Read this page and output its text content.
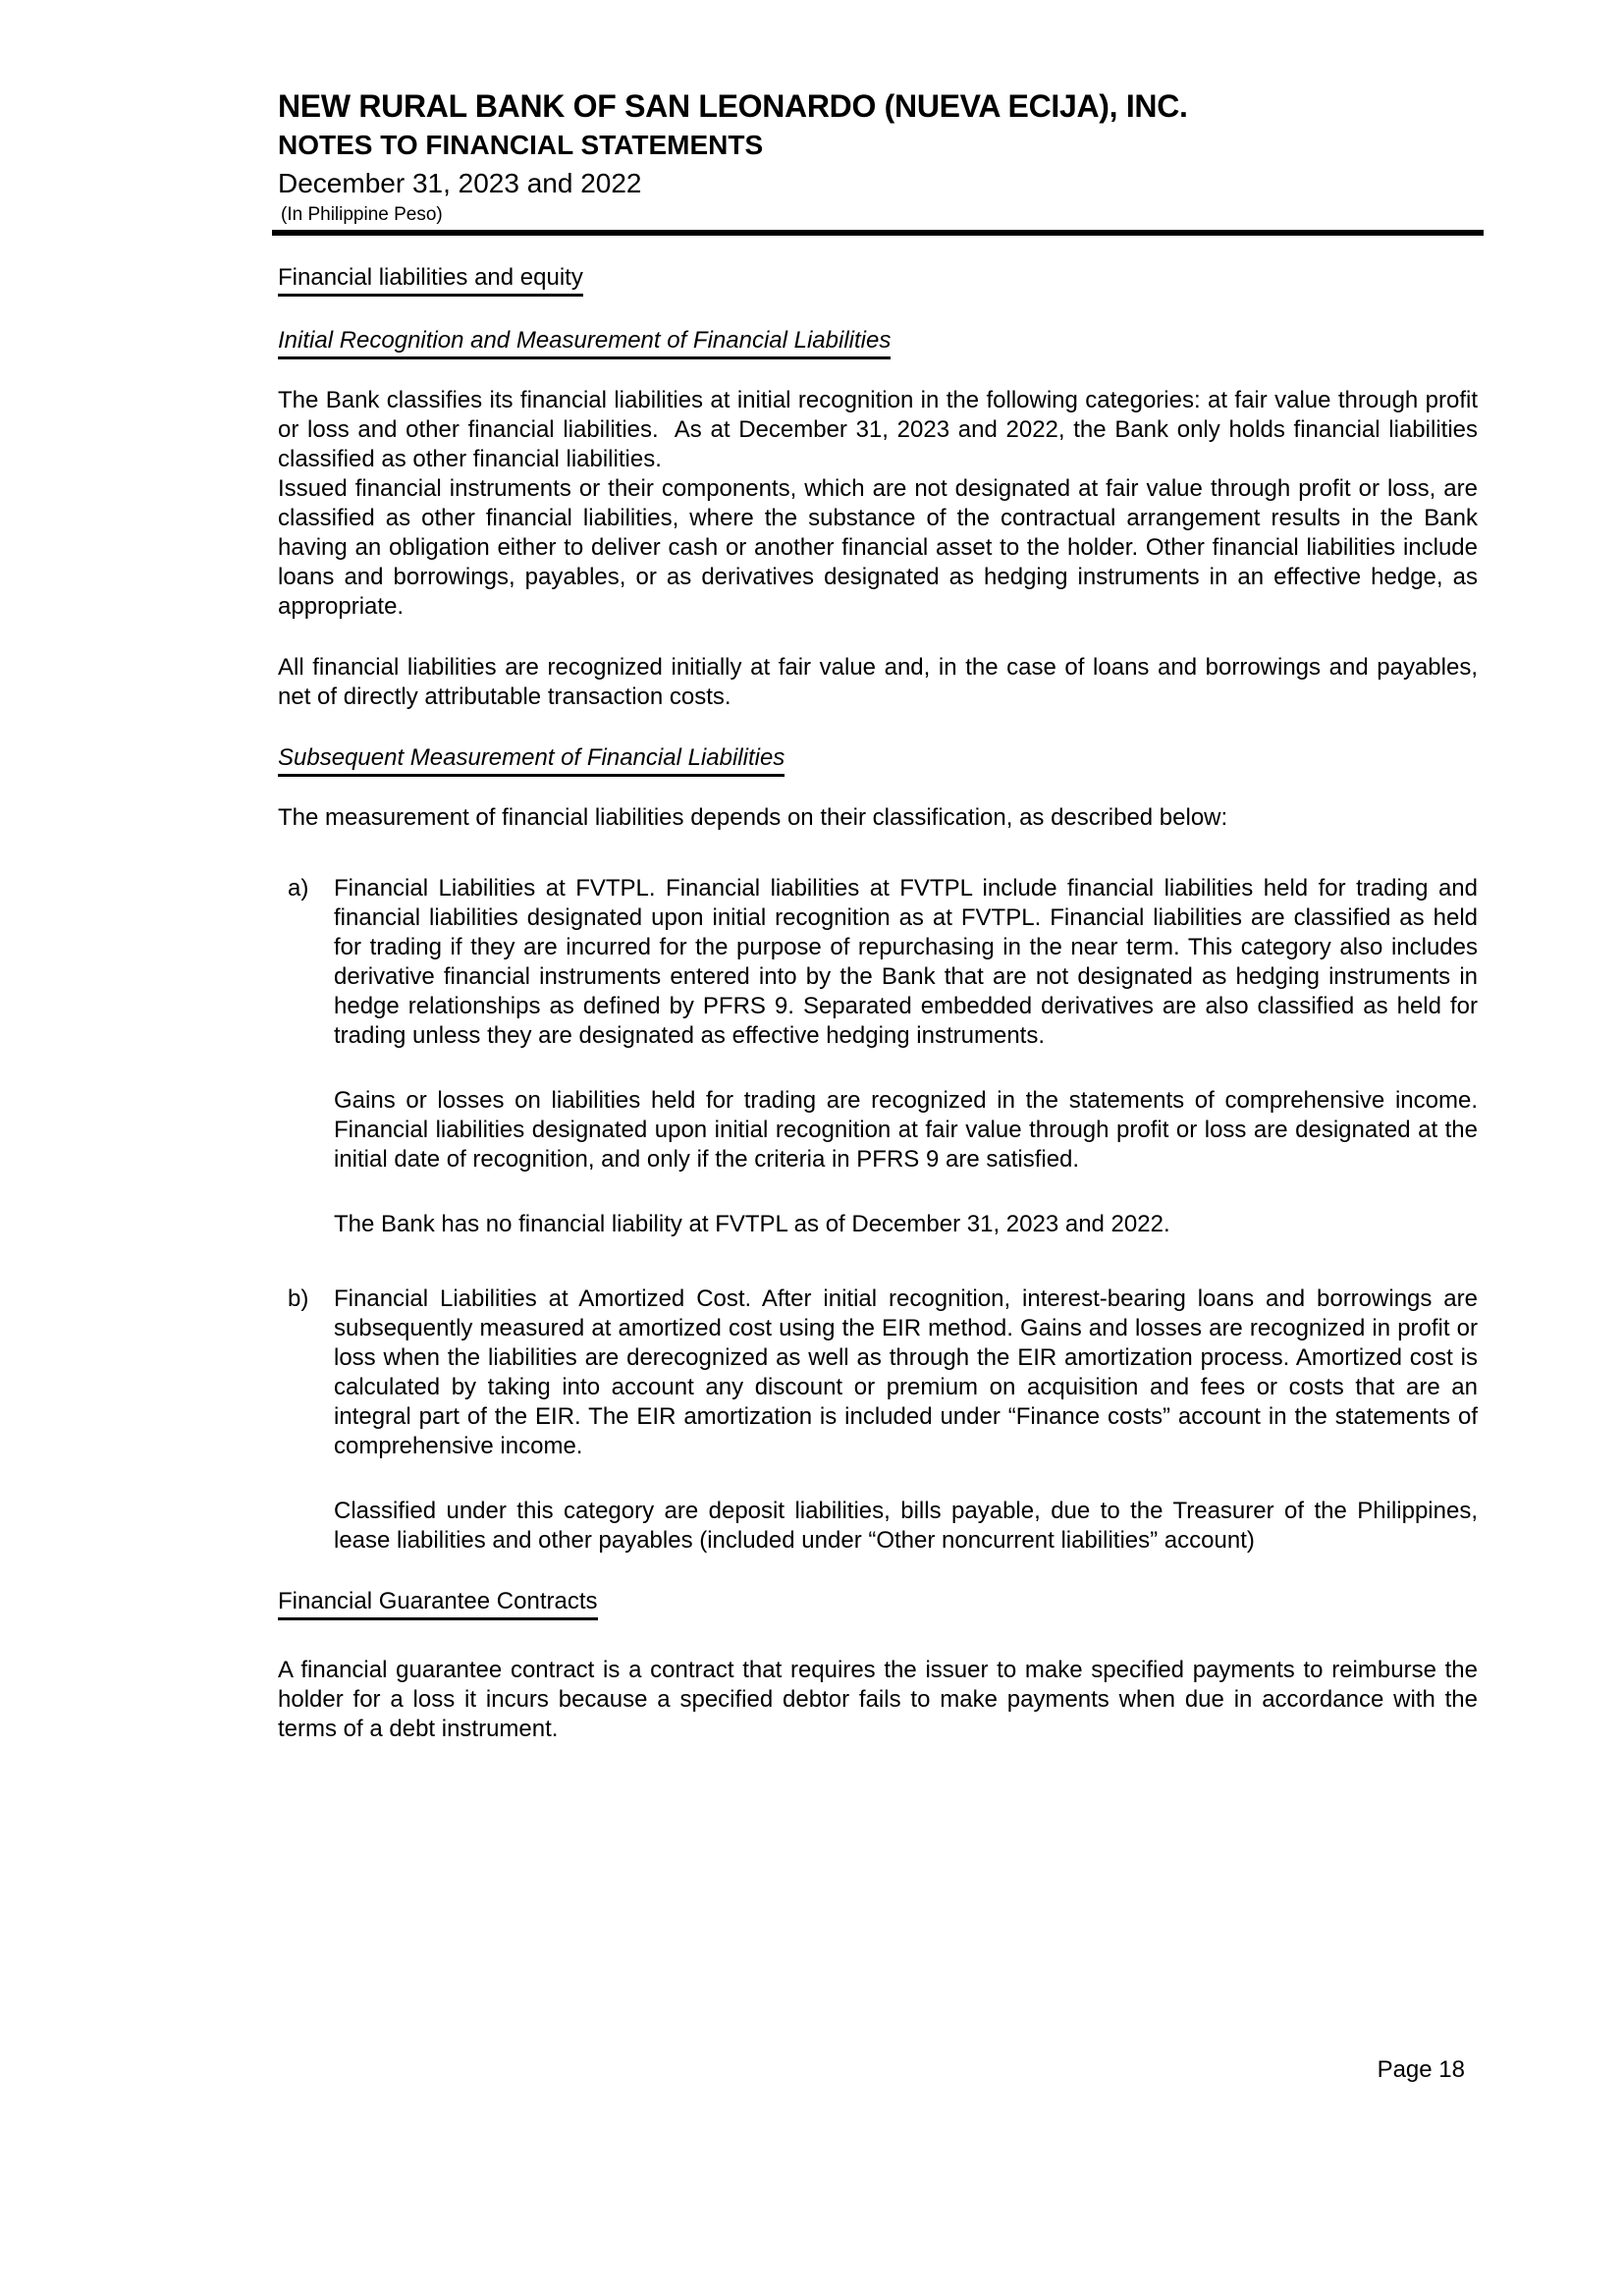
NEW RURAL BANK OF SAN LEONARDO (NUEVA ECIJA), INC.
NOTES TO FINANCIAL STATEMENTS
December 31, 2023 and 2022
(In Philippine Peso)
Financial liabilities and equity
Initial Recognition and Measurement of Financial Liabilities

The Bank classifies its financial liabilities at initial recognition in the following categories: at fair value through profit or loss and other financial liabilities.  As at December 31, 2023 and 2022, the Bank only holds financial liabilities classified as other financial liabilities.

Issued financial instruments or their components, which are not designated at fair value through profit or loss, are classified as other financial liabilities, where the substance of the contractual arrangement results in the Bank having an obligation either to deliver cash or another financial asset to the holder. Other financial liabilities include loans and borrowings, payables, or as derivatives designated as hedging instruments in an effective hedge, as appropriate.

All financial liabilities are recognized initially at fair value and, in the case of loans and borrowings and payables, net of directly attributable transaction costs.

Subsequent Measurement of Financial Liabilities

The measurement of financial liabilities depends on their classification, as described below:

a) Financial Liabilities at FVTPL. Financial liabilities at FVTPL include financial liabilities held for trading and financial liabilities designated upon initial recognition as at FVTPL. Financial liabilities are classified as held for trading if they are incurred for the purpose of repurchasing in the near term. This category also includes derivative financial instruments entered into by the Bank that are not designated as hedging instruments in hedge relationships as defined by PFRS 9. Separated embedded derivatives are also classified as held for trading unless they are designated as effective hedging instruments.

Gains or losses on liabilities held for trading are recognized in the statements of comprehensive income. Financial liabilities designated upon initial recognition at fair value through profit or loss are designated at the initial date of recognition, and only if the criteria in PFRS 9 are satisfied.

The Bank has no financial liability at FVTPL as of December 31, 2023 and 2022.

b) Financial Liabilities at Amortized Cost. After initial recognition, interest-bearing loans and borrowings are subsequently measured at amortized cost using the EIR method. Gains and losses are recognized in profit or loss when the liabilities are derecognized as well as through the EIR amortization process. Amortized cost is calculated by taking into account any discount or premium on acquisition and fees or costs that are an integral part of the EIR. The EIR amortization is included under “Finance costs” account in the statements of comprehensive income.

Classified under this category are deposit liabilities, bills payable, due to the Treasurer of the Philippines, lease liabilities and other payables (included under “Other noncurrent liabilities” account)

Financial Guarantee Contracts

A financial guarantee contract is a contract that requires the issuer to make specified payments to reimburse the holder for a loss it incurs because a specified debtor fails to make payments when due in accordance with the terms of a debt instrument.

Page 18
